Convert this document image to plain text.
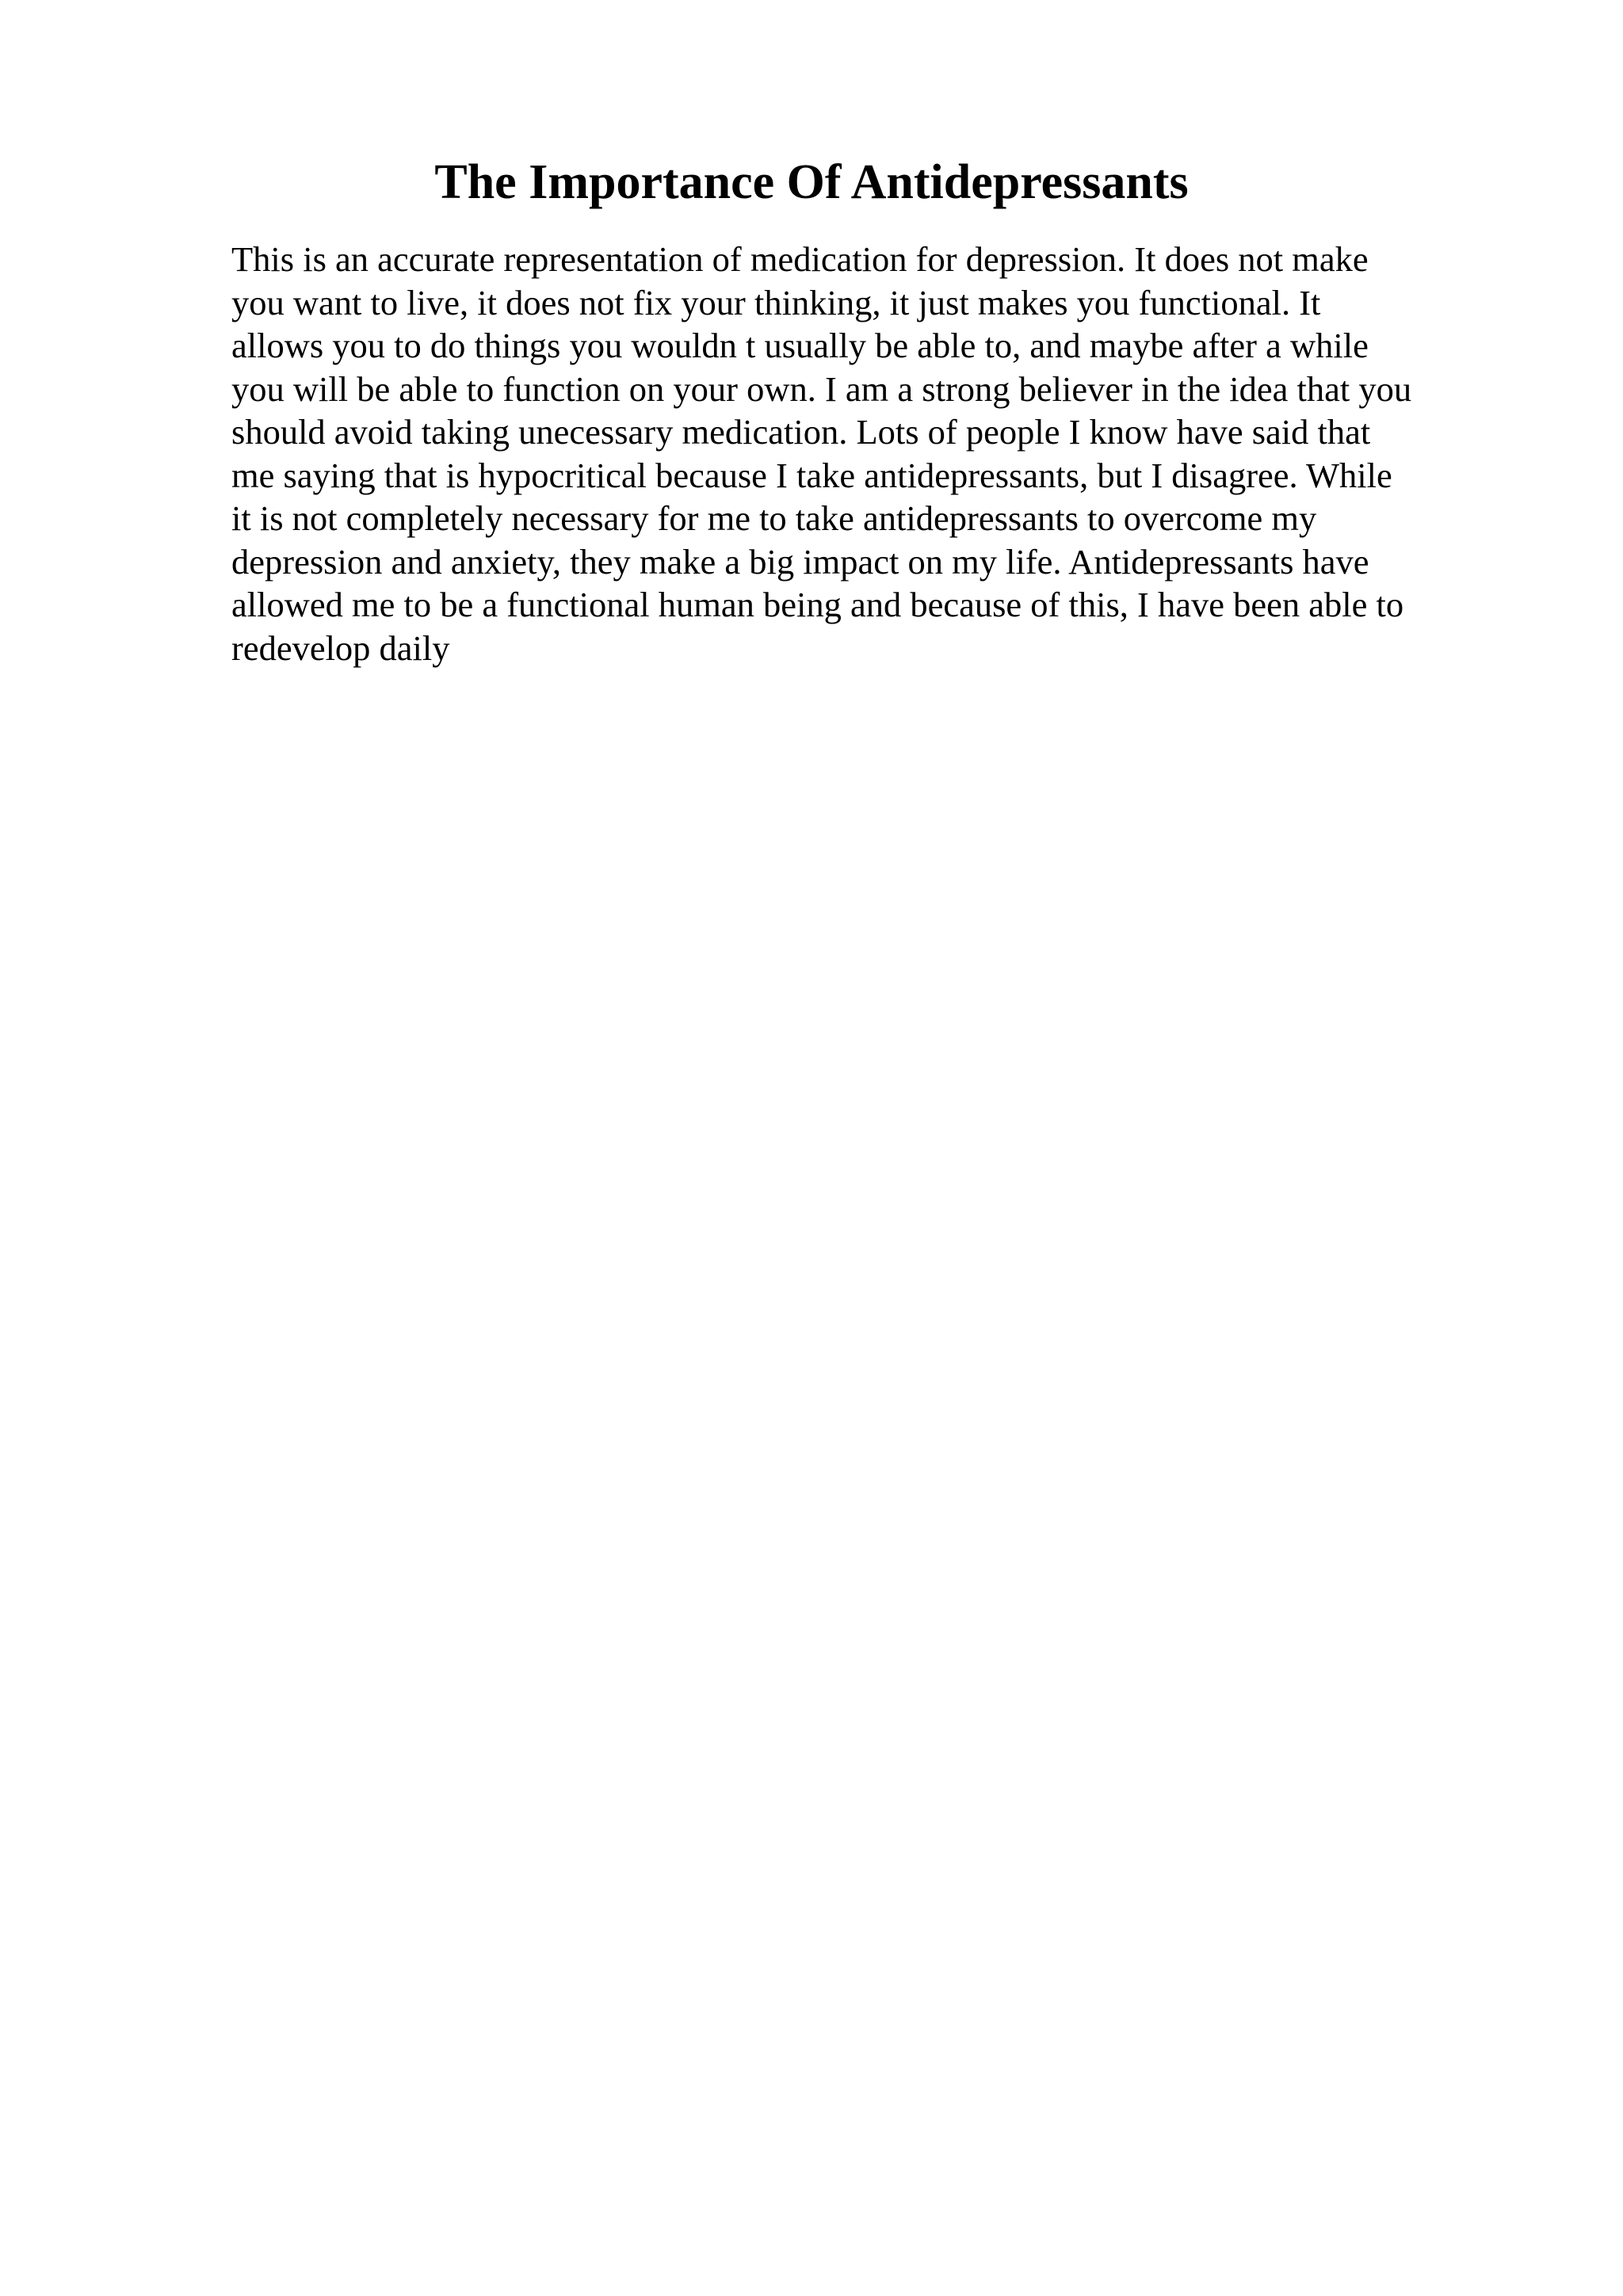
The Importance Of Antidepressants
This is an accurate representation of medication for depression. It does not make
you want to live, it does not fix your thinking, it just makes you functional. It
allows you to do things you wouldn t usually be able to, and maybe after a while
you will be able to function on your own. I am a strong believer in the idea that you
should avoid taking unecessary medication. Lots of people I know have said that
me saying that is hypocritical because I take antidepressants, but I disagree. While
it is not completely necessary for me to take antidepressants to overcome my
depression and anxiety, they make a big impact on my life. Antidepressants have
allowed me to be a functional human being and because of this, I have been able to
redevelop daily
